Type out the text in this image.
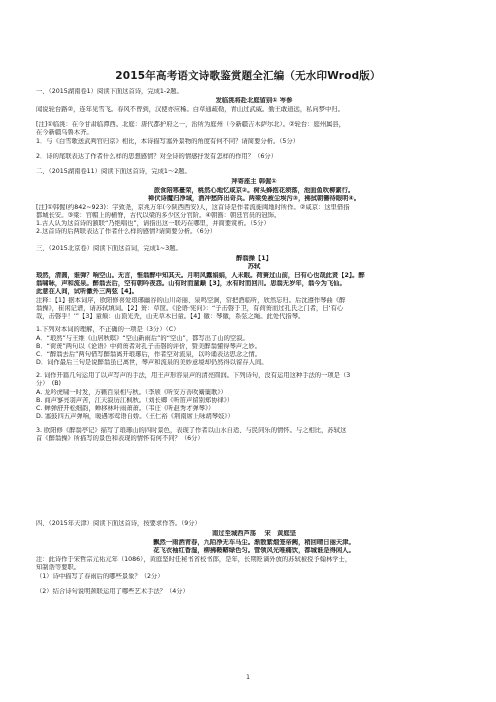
2015年高考语文诗歌鉴赏题全汇编（无水印Wrod版）
一、（2015湖南卷1）阅读下面这首诗，完成1-2题。
发临洮将赴北庭留别① 岑参
闻说轮台路②，连年见雪飞。春风不曾到，汉使亦应稀。白草通疏勒，青山过武威。勤王敢道远，私向梦中归。
[注]①临洮：在今甘肃临潭西。北庭：唐代都护府之一，治所为庭州（今新疆吉木萨尔北）。②轮台：庭州属县，
在今新疆乌鲁木齐。
1．与《白雪歌送武判官归京》相比，本诗描写塞外景物的角度有何不同？请简要分析。（5分）
2．诗的尾联表达了作者什么样的思想感情？对全诗的情感抒发有怎样的作用？（6分）
二、（2015湖南卷11）阅读下面这首诗，完成1～2题。
拜寄座主 韩偓①
旅食陪寒臺荣，桃然心地忆咸京②。树头蜂抱花须落，池面鱼吹柳絮行。
禅伏诗魔归净域，酒冲愁阵出奇兵。两梁免被尘埃污③，拂拭朝簪待眼明④。
[注]①韩偓(约842~923)：字致尧，京兆万年(今陕西西安)人，这首诗是作者流徙闽地时所作。②咸京：这里借指
都城长安。③梁：官帽上的横脊，古代以梁的多少区分官阶。④朝簪：朝廷官员的冠饰。
1.古人认为这首诗的颔联“乃绝唱也”，请指出这一联巧在哪里，并简要赏析。（5分）
2.这首诗的后两联表达了作者什么样的感情?请简要分析。（6分）
三、（2015北京卷）阅读下面这首词，完成1~3题。
醉翁操【1】
苏轼
琅然，清圆，谁弹？响空山。无言，惟翁醉中知其天。月明风露娟娟，人未眠。荷蒉过山前，曰有心也哉此贤【2】。醉
翁啸咏，声和流泉。醉翁去后，空有朝吟夜怨。山有时而童巅【3】，水有时而回川。思翁无岁年，翁今为飞仙。
此意在人间，试听徽外三两弦【4】。
注释：【1】据本词序，欧阳修喜爱琅琊幽谷的山川奇丽、泉鸣空涧，常把酒临听，欣然忘归。后沈遵作琴曲《醉
翁操》，崔闲记谱，请苏轼填词。【2】蒉：草筐。《论语·宪问》：“子击磬于卫，有荷蒉而过孔氏之门者，曰‘有心
哉，击磬乎！’”【3】童巅：山顶光秃，山无草木曰童。【4】徽：琴徽，系弦之绳。此处代指琴。
1.下列对本词的理解，不正确的一项是（3分）（C）
A．“琅然”与王维《山居秋暝》“空山新雨后”的“空山”，都写出了山的空寂。
B．“荷蒉”两句以《论语》中荷蒉者对孔子击磬的评价，赞美醉翁懂得琴声之妙。
C．“醉翁去后”两句借写醉翁离开琅琊后，作者空对流泉，以吟诵表达思念之情。
D．词作最后三句是说醉翁虽已离世，琴声和流泉的美妙意境却仍然得以留存人间。
2. 词作开篇几句运用了以声写声的手法，用王声形容泉声的清亮圆润。下列诗句，没有运用这种手法的一项是（3
分）　(B)
A. 龙吟虎啸一时发，万籁百泉相与秋。（李颀《听安万善吹觱篥歌》）
B. 商声寥亮羽声苦，江天寂历江枫秋。（刘长卿《听笛声留别郑协律》）
C. 蝉弹舒开松细韵，蝉移林叶雨萧萧。（韦庄《听赵秀才弹琴》）
D. 塞鼓四五声弹响，暖遇寒莺语自娇。（王仁裕《荆南席上咏胡琴妓》）
3. 欧阳修《醉翁亭记》描写了琅琊山的四时景色，表现了作者以山水自适、与民同乐的情怀。与之相比，苏轼这
首《醉翁操》所描写的景色和表现的情怀有何不同？（6分）
四、（2015年天津）阅读下面这首诗，按要求作答。（9分）
南过至城西芦荡 　宋　黄庭坚
飘然一雨洒青春，九陌净无车马尘。渐散紫烟笼帝阙，稍回晴日丽天津。
花飞衣袖红香湿，柳拂鞍鞯绿色匀。管领风光唯痛饮，都城谁是得闲人。
注：此诗作于宋哲宗元祐元年（1086），黄庭坚时任秘书省校书郎，是年，长期贬谪外放的苏轼被授予翰林学士，
知制诰等要职。
（1）诗中描写了春雨后的哪些景象？（2分）
（2）结合诗句说明颈联运用了哪些艺术手法？（4分）
1
